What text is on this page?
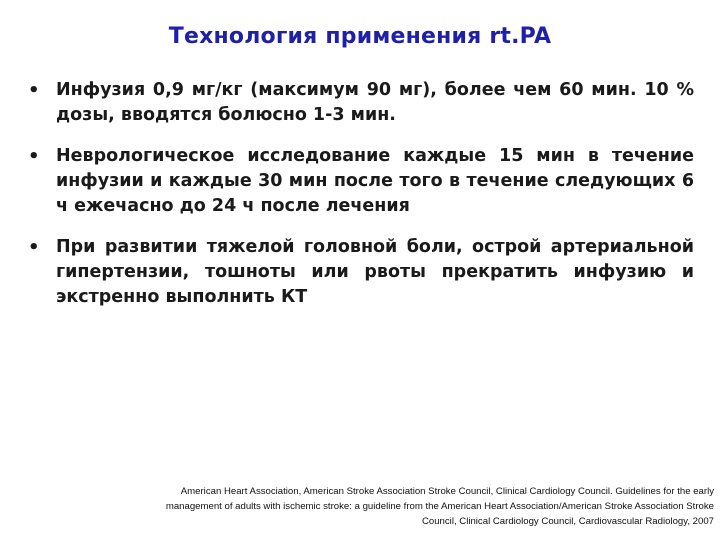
Технология применения rt.PA
• Инфузия 0,9 мг/кг (максимум 90 мг), более чем 60 мин. 10 % дозы, вводятся болюсно 1-3 мин.
• Неврологическое исследование каждые 15 мин в течение инфузии и каждые 30 мин после того в течение следующих 6 ч ежечасно до 24 ч после лечения
• При развитии тяжелой головной боли, острой артериальной гипертензии, тошноты или рвоты прекратить инфузию и экстренно выполнить КТ
American Heart Association, American Stroke Association Stroke Council, Clinical Cardiology Council. Guidelines for the early
management of adults with ischemic stroke: a guideline from the American Heart Association/American Stroke Association Stroke
Council, Clinical Cardiology Council, Cardiovascular Radiology, 2007
